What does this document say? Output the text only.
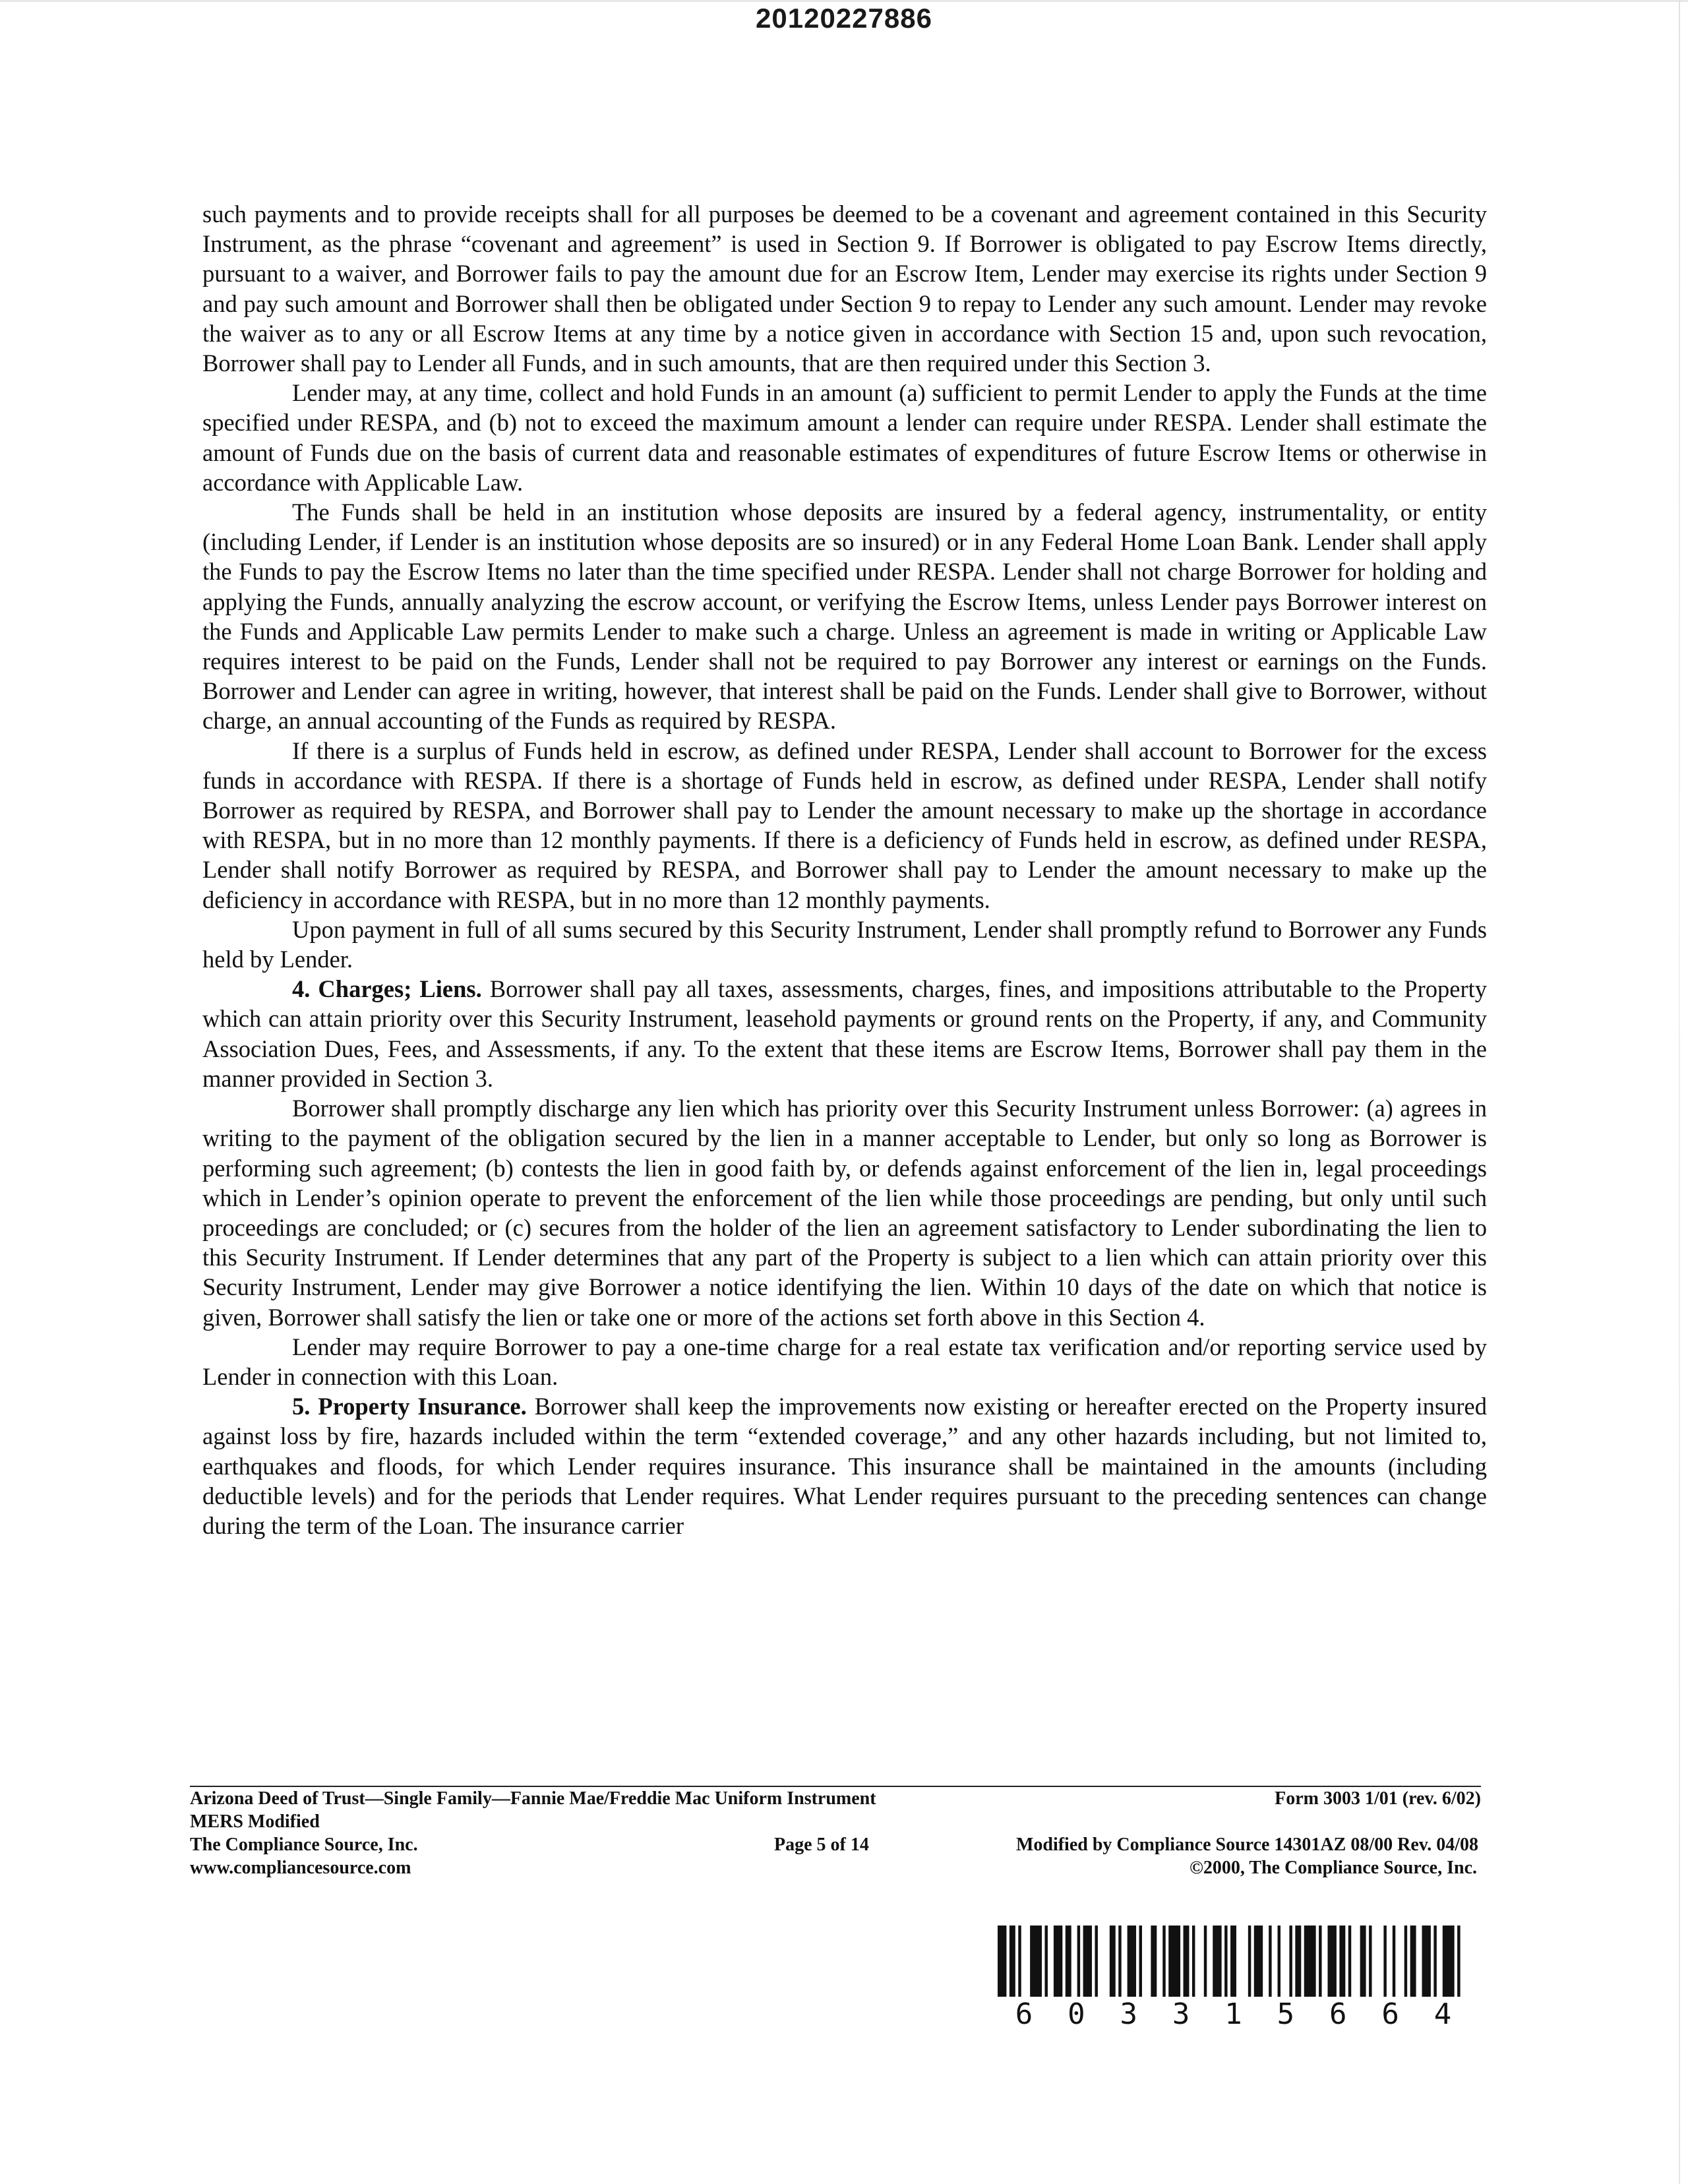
20120227886

such payments and to provide receipts shall for all purposes be deemed to be a covenant and agreement contained in this Security Instrument, as the phrase “covenant and agreement” is used in Section 9. If Borrower is obligated to pay Escrow Items directly, pursuant to a waiver, and Borrower fails to pay the amount due for an Escrow Item, Lender may exercise its rights under Section 9 and pay such amount and Borrower shall then be obligated under Section 9 to repay to Lender any such amount. Lender may revoke the waiver as to any or all Escrow Items at any time by a notice given in accordance with Section 15 and, upon such revocation, Borrower shall pay to Lender all Funds, and in such amounts, that are then required under this Section 3.

Lender may, at any time, collect and hold Funds in an amount (a) sufficient to permit Lender to apply the Funds at the time specified under RESPA, and (b) not to exceed the maximum amount a lender can require under RESPA. Lender shall estimate the amount of Funds due on the basis of current data and reasonable estimates of expenditures of future Escrow Items or otherwise in accordance with Applicable Law.

The Funds shall be held in an institution whose deposits are insured by a federal agency, instrumentality, or entity (including Lender, if Lender is an institution whose deposits are so insured) or in any Federal Home Loan Bank. Lender shall apply the Funds to pay the Escrow Items no later than the time specified under RESPA. Lender shall not charge Borrower for holding and applying the Funds, annually analyzing the escrow account, or verifying the Escrow Items, unless Lender pays Borrower interest on the Funds and Applicable Law permits Lender to make such a charge. Unless an agreement is made in writing or Applicable Law requires interest to be paid on the Funds, Lender shall not be required to pay Borrower any interest or earnings on the Funds. Borrower and Lender can agree in writing, however, that interest shall be paid on the Funds. Lender shall give to Borrower, without charge, an annual accounting of the Funds as required by RESPA.

If there is a surplus of Funds held in escrow, as defined under RESPA, Lender shall account to Borrower for the excess funds in accordance with RESPA. If there is a shortage of Funds held in escrow, as defined under RESPA, Lender shall notify Borrower as required by RESPA, and Borrower shall pay to Lender the amount necessary to make up the shortage in accordance with RESPA, but in no more than 12 monthly payments. If there is a deficiency of Funds held in escrow, as defined under RESPA, Lender shall notify Borrower as required by RESPA, and Borrower shall pay to Lender the amount necessary to make up the deficiency in accordance with RESPA, but in no more than 12 monthly payments.

Upon payment in full of all sums secured by this Security Instrument, Lender shall promptly refund to Borrower any Funds held by Lender.

4. Charges; Liens. Borrower shall pay all taxes, assessments, charges, fines, and impositions attributable to the Property which can attain priority over this Security Instrument, leasehold payments or ground rents on the Property, if any, and Community Association Dues, Fees, and Assessments, if any. To the extent that these items are Escrow Items, Borrower shall pay them in the manner provided in Section 3.

Borrower shall promptly discharge any lien which has priority over this Security Instrument unless Borrower: (a) agrees in writing to the payment of the obligation secured by the lien in a manner acceptable to Lender, but only so long as Borrower is performing such agreement; (b) contests the lien in good faith by, or defends against enforcement of the lien in, legal proceedings which in Lender’s opinion operate to prevent the enforcement of the lien while those proceedings are pending, but only until such proceedings are concluded; or (c) secures from the holder of the lien an agreement satisfactory to Lender subordinating the lien to this Security Instrument. If Lender determines that any part of the Property is subject to a lien which can attain priority over this Security Instrument, Lender may give Borrower a notice identifying the lien. Within 10 days of the date on which that notice is given, Borrower shall satisfy the lien or take one or more of the actions set forth above in this Section 4.

Lender may require Borrower to pay a one-time charge for a real estate tax verification and/or reporting service used by Lender in connection with this Loan.

5. Property Insurance. Borrower shall keep the improvements now existing or hereafter erected on the Property insured against loss by fire, hazards included within the term “extended coverage,” and any other hazards including, but not limited to, earthquakes and floods, for which Lender requires insurance. This insurance shall be maintained in the amounts (including deductible levels) and for the periods that Lender requires. What Lender requires pursuant to the preceding sentences can change during the term of the Loan. The insurance carrier

Arizona Deed of Trust—Single Family—Fannie Mae/Freddie Mac Uniform Instrument	Form 3003 1/01 (rev. 6/02)
MERS Modified
The Compliance Source, Inc.	Page 5 of 14	Modified by Compliance Source 14301AZ 08/00 Rev. 04/08
www.compliancesource.com	©2000, The Compliance Source, Inc.
6	0	3	3	1	5	6	6	4
